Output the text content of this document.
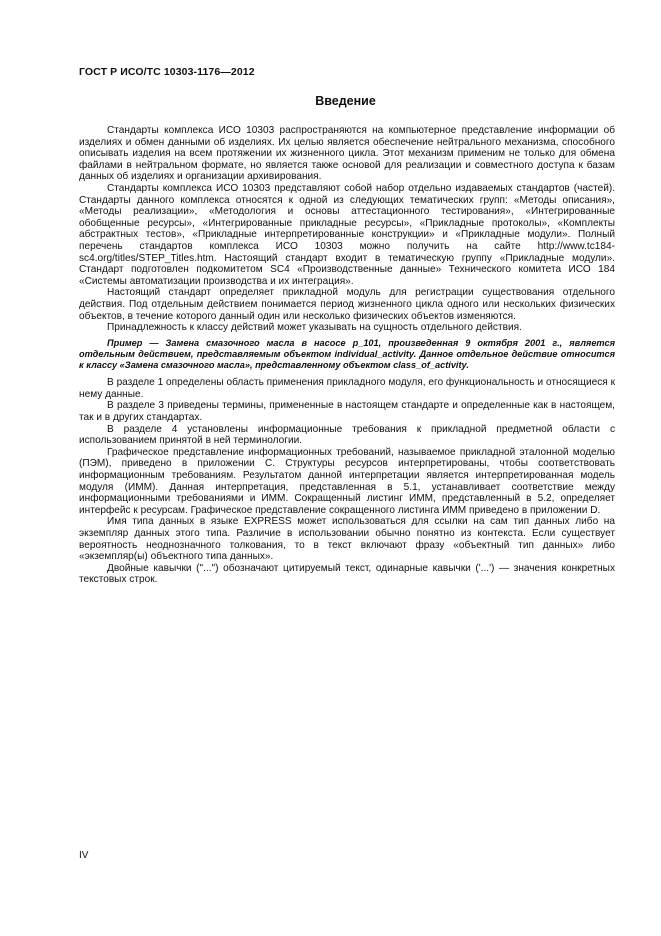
ГОСТ Р ИСО/ТС 10303-1176—2012
Введение

Стандарты комплекса ИСО 10303 распространяются на компьютерное представление информации об изделиях и обмен данными об изделиях. Их целью является обеспечение нейтрального механизма, способного описывать изделия на всем протяжении их жизненного цикла. Этот механизм применим не только для обмена файлами в нейтральном формате, но является также основой для реализации и совместного доступа к базам данных об изделиях и организации архивирования.

Стандарты комплекса ИСО 10303 представляют собой набор отдельно издаваемых стандартов (частей). Стандарты данного комплекса относятся к одной из следующих тематических групп: «Методы описания», «Методы реализации», «Методология и основы аттестационного тестирования», «Интегрированные обобщенные ресурсы», «Интегрированные прикладные ресурсы», «Прикладные протоколы», «Комплекты абстрактных тестов», «Прикладные интерпретированные конструкции» и «Прикладные модули». Полный перечень стандартов комплекса ИСО 10303 можно получить на сайте http://www.tc184-sc4.org/titles/STEP_Titles.htm. Настоящий стандарт входит в тематическую группу «Прикладные модули». Стандарт подготовлен подкомитетом SC4 «Производственные данные» Технического комитета ИСО 184 «Системы автоматизации производства и их интеграция».

Настоящий стандарт определяет прикладной модуль для регистрации существования отдельного действия. Под отдельным действием понимается период жизненного цикла одного или нескольких физических объектов, в течение которого данный один или несколько физических объектов изменяются.

Принадлежность к классу действий может указывать на сущность отдельного действия.

Пример — Замена смазочного масла в насосе p_101, произведенная 9 октября 2001 г., является отдельным действием, представляемым объектом individual_activity. Данное отдельное действие относится к классу «Замена смазочного масла», представленному объектом class_of_activity.

В разделе 1 определены область применения прикладного модуля, его функциональность и относящиеся к нему данные.

В разделе 3 приведены термины, примененные в настоящем стандарте и определенные как в настоящем, так и в других стандартах.

В разделе 4 установлены информационные требования к прикладной предметной области с использованием принятой в ней терминологии.

Графическое представление информационных требований, называемое прикладной эталонной моделью (ПЭМ), приведено в приложении С. Структуры ресурсов интерпретированы, чтобы соответствовать информационным требованиям. Результатом данной интерпретации является интерпретированная модель модуля (ИММ). Данная интерпретация, представленная в 5.1, устанавливает соответствие между информационными требованиями и ИММ. Сокращенный листинг ИММ, представленный в 5.2, определяет интерфейс к ресурсам. Графическое представление сокращенного листинга ИММ приведено в приложении D.

Имя типа данных в языке EXPRESS может использоваться для ссылки на сам тип данных либо на экземпляр данных этого типа. Различие в использовании обычно понятно из контекста. Если существует вероятность неоднозначного толкования, то в текст включают фразу «объектный тип данных» либо «экземпляр(ы) объектного типа данных».

Двойные кавычки ("...") обозначают цитируемый текст, одинарные кавычки ('...') — значения конкретных текстовых строк.

IV
